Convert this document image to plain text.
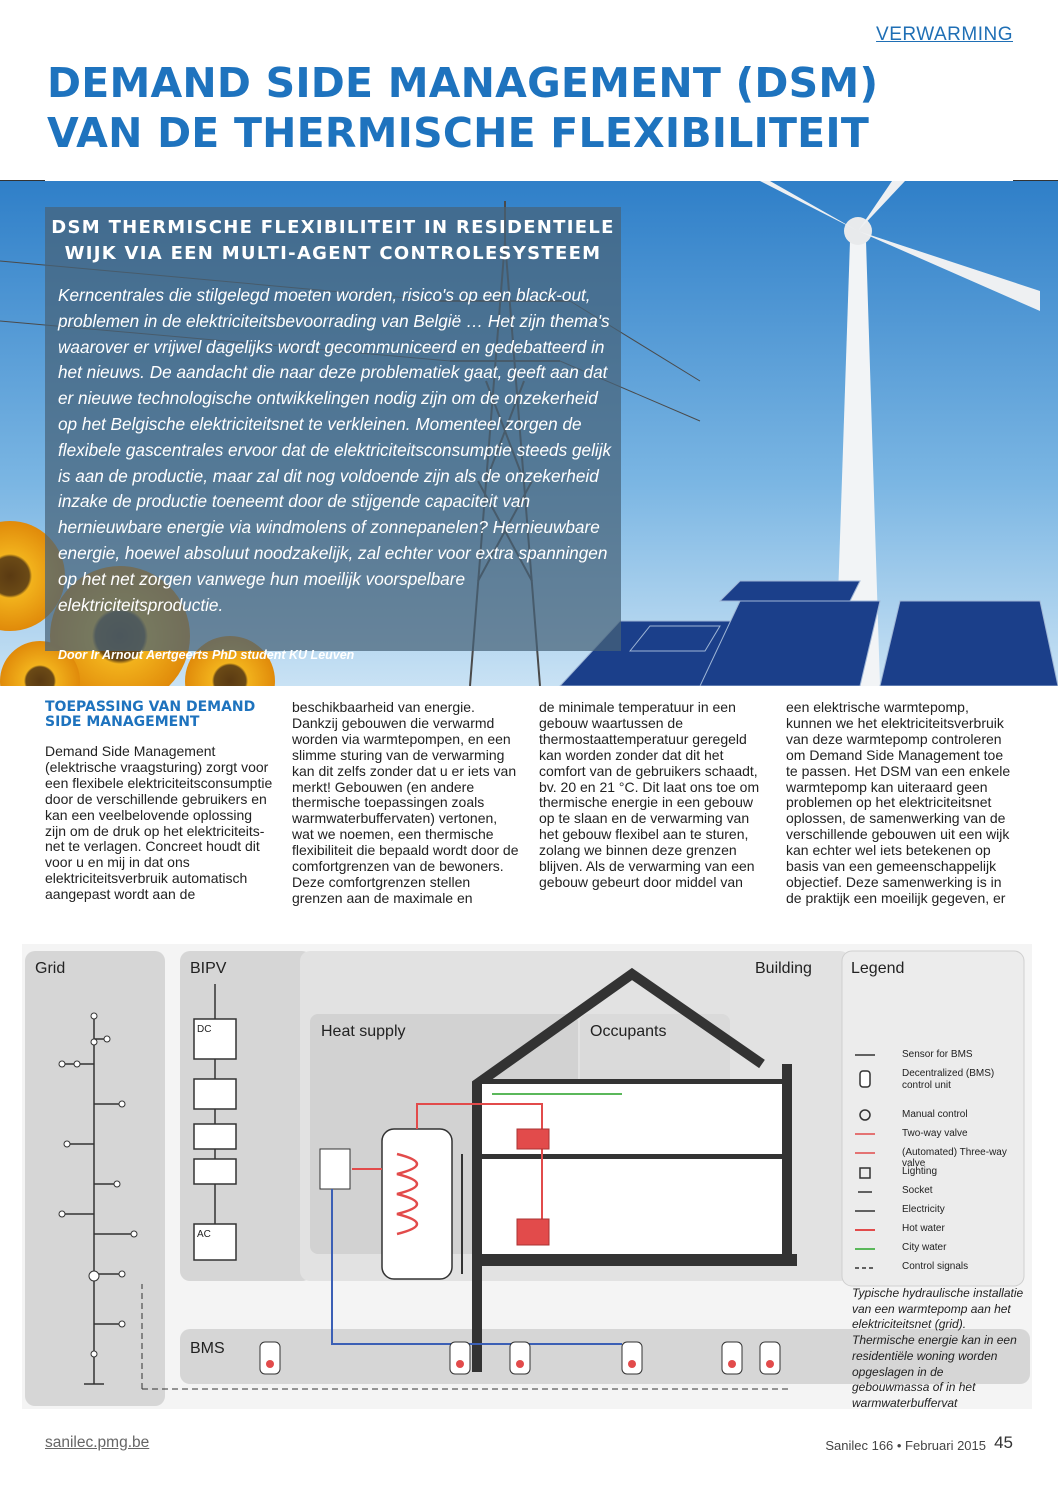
VERWARMING
DEMAND SIDE MANAGEMENT (DSM)
VAN DE THERMISCHE FLEXIBILITEIT
DSM THERMISCHE FLEXIBILITEIT IN RESIDENTIELE WIJK VIA EEN MULTI-AGENT CONTROLESYSTEEM
Kerncentrales die stilgelegd moeten worden, risico's op een black-out, problemen in de elektriciteitsbevoorrading van België … Het zijn thema's waarover er vrijwel dagelijks wordt gecommuniceerd en gedebatteerd in het nieuws. De aandacht die naar deze problematiek gaat, geeft aan dat er nieuwe technologische ontwikkelingen nodig zijn om de onzekerheid op het Belgische elektriciteitsnet te verkleinen. Momenteel zorgen de flexibele gascentrales ervoor dat de elektriciteitsconsumptie steeds gelijk is aan de productie, maar zal dit nog voldoende zijn als de onzekerheid inzake de productie toeneemt door de stijgende capaciteit van hernieuwbare energie via windmolens of zonnepanelen? Hernieuwbare energie, hoewel absoluut noodzakelijk, zal echter voor extra spanningen op het net zorgen vanwege hun moeilijk voorspelbare elektriciteitsproductie.
Door Ir Arnout Aertgeerts PhD student KU Leuven
TOEPASSING VAN DEMAND SIDE MANAGEMENT

Demand Side Management (elektrische vraagsturing) zorgt voor een flexibele elektriciteitsconsumptie door de verschillende gebruikers en kan een veelbelovende oplossing zijn om de druk op het elektriciteits-net te verlagen. Concreet houdt dit voor u en mij in dat ons elektriciteitsverbruik automatisch aangepast wordt aan de

beschikbaarheid van energie. Dankzij gebouwen die verwarmd worden via warmtepompen, en een slimme sturing van de verwarming kan dit zelfs zonder dat u er iets van merkt! Gebouwen (en andere thermische toepassingen zoals warmwaterbuffervaten) vertonen, wat we noemen, een thermische flexibiliteit die bepaald wordt door de comfortgrenzen van de bewoners. Deze comfortgrenzen stellen grenzen aan de maximale en

de minimale temperatuur in een gebouw waartussen de thermostaattemperatuur geregeld kan worden zonder dat dit het comfort van de gebruikers schaadt, bv. 20 en 21 °C. Dit laat ons toe om thermische energie in een gebouw op te slaan en de verwarming van het gebouw flexibel aan te sturen, zolang we binnen deze grenzen blijven. Als de verwarming van een gebouw gebeurt door middel van

een elektrische warmtepomp, kunnen we het elektriciteitsverbruik van deze warmtepomp controleren om Demand Side Management toe te passen. Het DSM van een enkele warmtepomp kan uiteraard geen problemen op het elektriciteitsnet oplossen, de samenwerking van de verschillende gebouwen uit een wijk kan echter wel iets betekenen op basis van een gemeenschappelijk objectief. Deze samenwerking is in de praktijk een moeilijk gegeven, er

Grid	BIPV	Building Legend
Heat supply	Occupants
BMS
DC
AC
Sensor for BMS
Decentralized (BMS) control unit
Manual control
Two-way valve
(Automated) Three-way valve
Lighting
Socket
Electricity
Hot water
City water
Control signals
Typische hydraulische installatie van een warmtepomp aan het elektriciteitsnet (grid). Thermische energie kan in een residentiële woning worden opgeslagen in de gebouwmassa of in het warmwaterbuffervat
sanilec.pmg.be	Sanilec 166 • Februari 2015 45
